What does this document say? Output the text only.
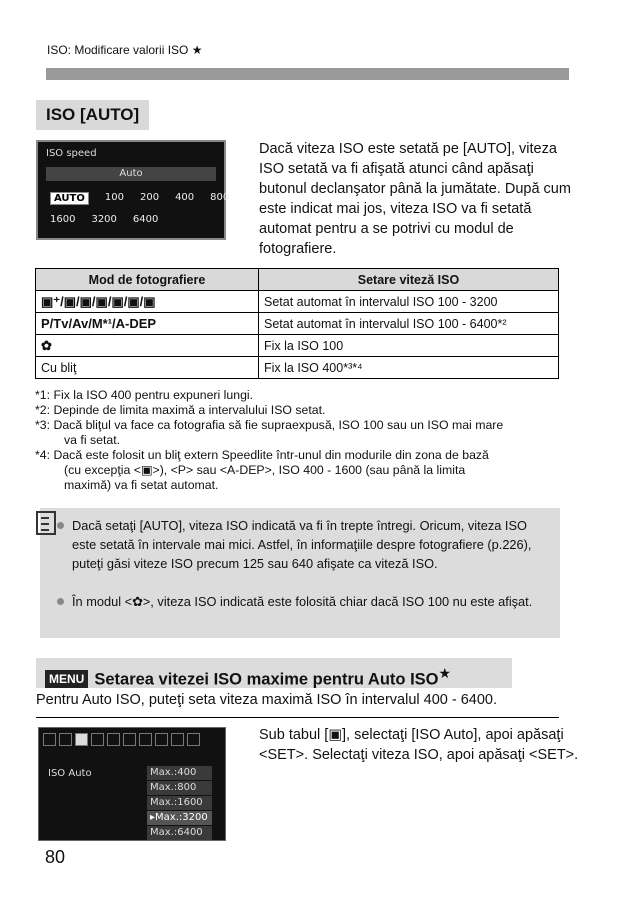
ISO: Modificare valorii ISO ★
ISO [AUTO]
ISO speed
Auto
AUTO	100 200 400 800
1600 3200 6400
Dacă viteza ISO este setată pe [AUTO], viteza ISO setată va fi afişată atunci când apăsaţi butonul declanşator până la jumătate. După cum este indicat mai jos, viteza ISO va fi setată automat pentru a se potrivi cu modul de fotografiere.
Mod de fotografiere	Setare viteză ISO
▣⁺/▣/▣/▣/▣/▣/▣	Setat automat în intervalul ISO 100 - 3200
P/Tv/Av/M*¹/A-DEP	Setat automat în intervalul ISO 100 - 6400*²
✿	Fix la ISO 100
Cu bliţ	Fix la ISO 400*³*⁴

*1: Fix la ISO 400 pentru expuneri lungi.

*2: Depinde de limita maximă a intervalului ISO setat.

*3: Dacă bliţul va face ca fotografia să fie supraexpusă, ISO 100 sau un ISO mai mare

va fi setat.

*4: Dacă este folosit un bliţ extern Speedlite într-unul din modurile din zona de bază

(cu excepţia <▣>), <P> sau <A-DEP>, ISO 400 - 1600 (sau până la limita

maximă) va fi setat automat.

Dacă setaţi [AUTO], viteza ISO indicată va fi în trepte întregi. Oricum, viteza ISO este setată în intervale mai mici. Astfel, în informaţiile despre fotografiere (p.226), puteţi găsi viteze ISO precum 125 sau 640 afişate ca viteză ISO.
În modul <✿>, viteza ISO indicată este folosită chiar dacă ISO 100 nu este afişat.
MENU Setarea vitezei ISO maxime pentru Auto ISO★
Pentru Auto ISO, puteţi seta viteza maximă ISO în intervalul 400 - 6400.
ISO Auto	Max.:400
Max.:800
Max.:1600
▸Max.:3200
Max.:6400
Sub tabul [▣], selectaţi [ISO Auto], apoi apăsaţi <SET>. Selectaţi viteza ISO, apoi apăsaţi <SET>.
80
